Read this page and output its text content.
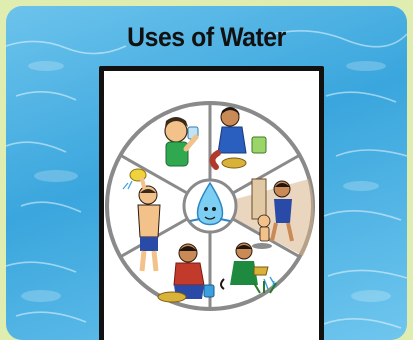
Uses of Water
